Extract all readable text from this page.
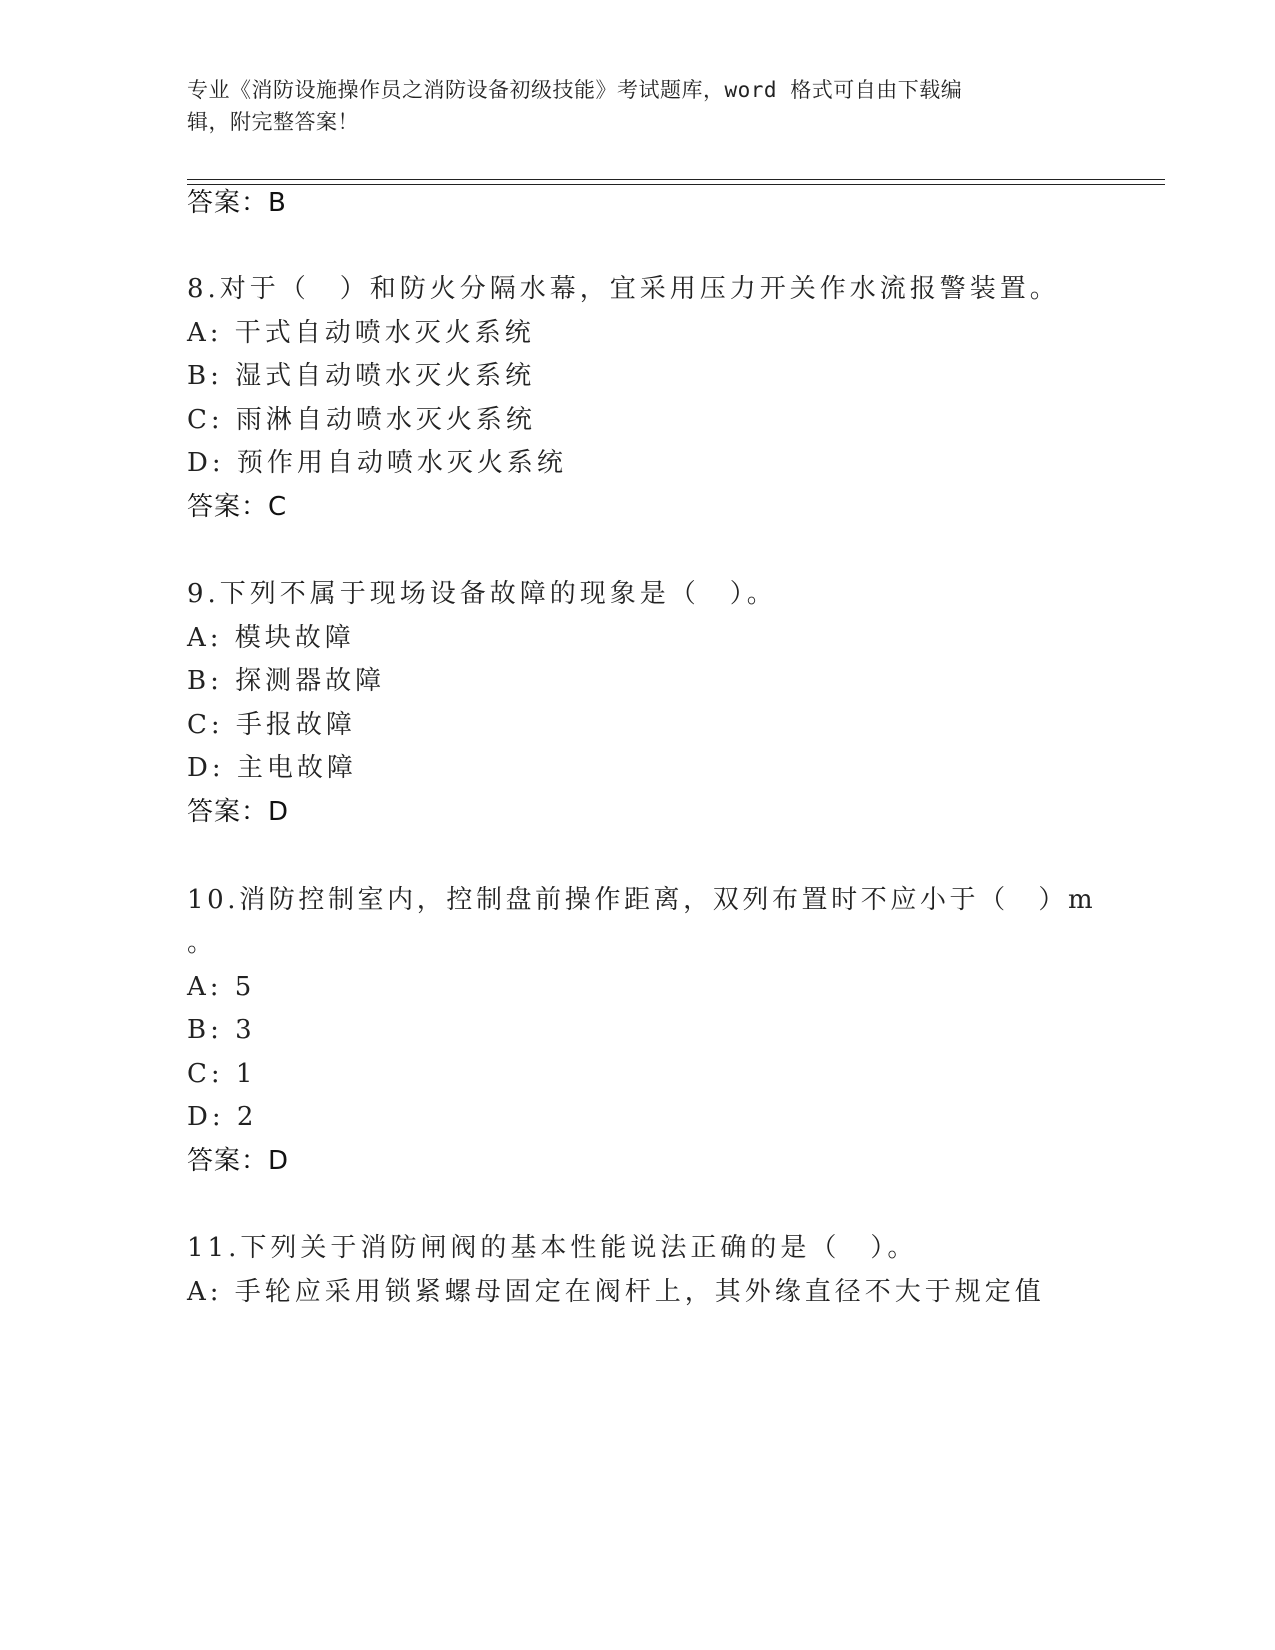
专业《消防设施操作员之消防设备初级技能》考试题库，word 格式可自由下载编
辑，附完整答案！
答案：B
8.对于（　）和防火分隔水幕，宜采用压力开关作水流报警装置。
A: 干式自动喷水灭火系统
B: 湿式自动喷水灭火系统
C: 雨淋自动喷水灭火系统
D: 预作用自动喷水灭火系统
答案：C
9.下列不属于现场设备故障的现象是（　）。
A: 模块故障
B: 探测器故障
C: 手报故障
D: 主电故障
答案：D
10.消防控制室内，控制盘前操作距离，双列布置时不应小于（　）m
。
A: 5
B: 3
C: 1
D: 2
答案：D
11.下列关于消防闸阀的基本性能说法正确的是（　）。
A: 手轮应采用锁紧螺母固定在阀杆上，其外缘直径不大于规定值
